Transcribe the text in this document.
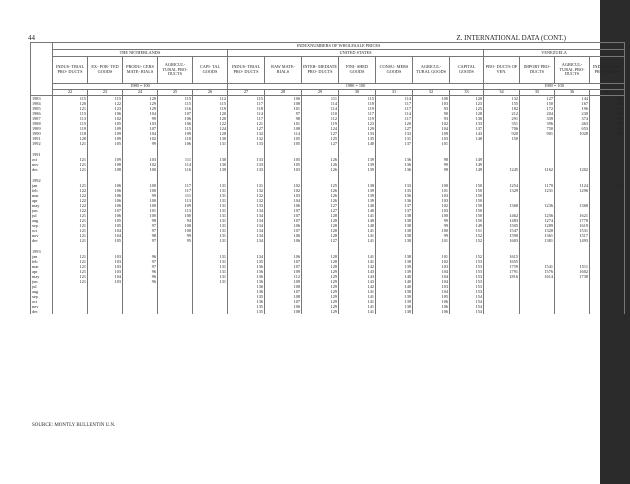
44	Z. INTERNATIONAL DATA (CONT.)
	INDEXNUMBERS OF WHOLESALE PRICES															
	THE NETHERLANDS					UNITED STATES							VENEZUELA			
	INDUS- TRIAL PRO- DUCTS	EX- POR- TED GOODS	PRODU- CERS MATE- RIALS	AGRICUL- TURAL PRO- DUCTS	CAPI- TAL GOODS	INDUS- TRIAL PRO- DUCTS	RAW MATE- RIALS	INTER- MEDIATE PRO- DUCTS	FINI- SHED GOODS	CONSU- MERS GOODS	AGRICUL- TURAL GOODS	CAPITAL GOODS	PRO- DUCTS OF VEN.	IMPORT PRO- DUCTS	AGRICUL- TURAL PRO- DUCTS	INDUS- TRIAL PRO- DUCTS
	1980 = 100					1980 = 100							1980 = 100			
	22	23	24	25	26	27	28	29	30	31	32	33	34	35	36	37
1983	115	115	129	115	112	115	106	111	115	114	100	120	132	127	144	128
1984	120	122	129	115	115	117	108	114	118	117	103	123	155	150	167	150
1985	121	123	129	116	119	118	101	114	119	117	93	125	182	172	196	175
1986	115	106	104	107	120	114	97	110	117	114	90	128	212	204	230	203
1987	113	102	99	106	120	117	98	112	119	117	93	130	291	339	374	292
1988	115	105	103	106	122	121	101	119	123	120	102	133	351	396	463	347
1989	119	109	107	115	124	127	108	124	129	127	104	137	706	750	653	704
1990	118	109	104	109	128	132	114	127	133	133	109	143	920	901	1028	882
1991	120	109	102	110	130	132	105	125	135	131	103	148	150			
1992	121	105	99	106	131	133	105	127	140	137	101					

1991																
oct	121	109	103	111	130	133	105	126	139	136	98	149				
nov	121	108	102	114	130	133	105	126	139	136	99	149				
dec	121	108	100	116	130	133	103	126	139	136	98	149	1245	1162	1202	

1992																
jan	121	106	100	117	131	131	102	125	138	133	100	150	1254	1170	1124	1115
feb	122	106	100	117	131	132	102	126	139	135	101	150	1329	1231	1296	
mar	122	106	99	111	131	132	103	126	139	136	103	150				
apr	122	106	100	113	131	132	104	126	139	136	103	150				
may	122	106	100	109	131	133	106	127	140	137	102	150	1368	1236	1368	
jun	122	107	101	113	131	134	107	127	140	137	103	150				
jul	121	106	100	100	131	134	107	128	141	138	100	150	1462	1256	1621	
aug	121	105	98	94	131	134	107	128	140	138	99	150	1483	1274	1770	
sep	121	105	97	100	131	134	106	128	140	138	99	149	1505	1289	1619	
oct	121	104	97	100	131	134	107	128	141	138	100	151	1547	1328	1531	
nov	121	104	98	99	131	134	106	128	141	138	99	152	1590	1361	1517	
dec	121	105	97	95	131	134	106	127	141	138	101	152	1603	1381	1493	

1993																
jan	121	103	96		131	134	106	128	141	138	101	152	1615			
feb	121	103	97		131	135	107	128	141	138	102	153	1655			
mar	121	103	97		131	136	107	128	142	139	103	153	1759	1541	1511	
apr	121	103	96		131	136	109	129	143	139	104	153	1791	1576	1602	
may	121	104	96		131	136	112	129	143	140	104	153	1816	1614	1738	
jun	121	103	96		131	136	109	129	143	140	104	153				
jul						136	108	129	142	140	103	153				
aug						136	107	129	141	138	104	153				
sep						135	108	129	141	139	105	154				
oct						136	107	129	141	139	106	154				
nov						135	106	129	141	138	106	154				
dec						135	108	129	141	138	106	154				
SOURCE: MONTLY BULLENTIN U.N.
